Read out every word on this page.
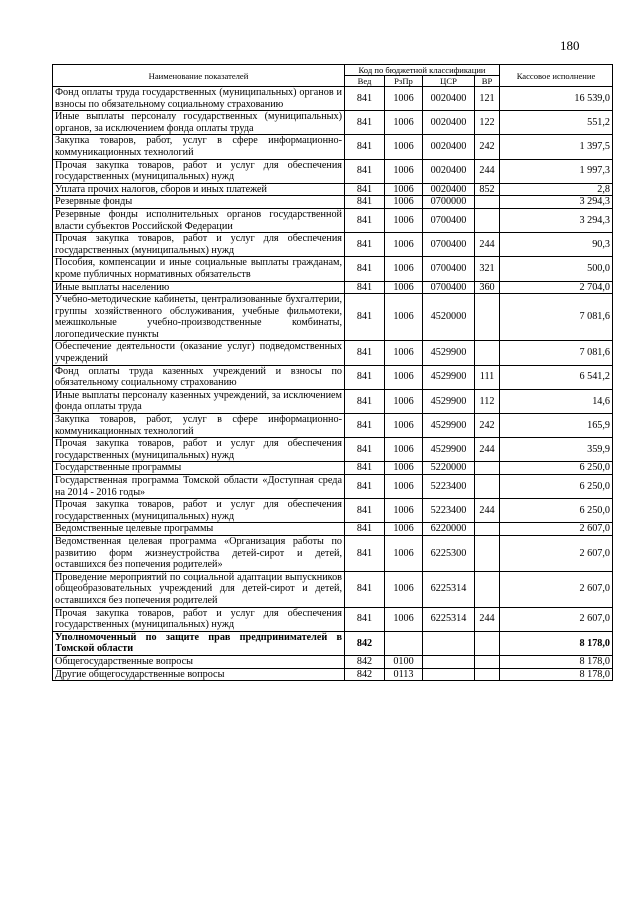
180
Наименование показателей	Код по бюджетной классификации				Кассовое исполнение
	Вед	РзПр	ЦСР	ВР	
Фонд оплаты труда государственных (муниципальных) органов и взносы по обязательному социальному страхованию	841	1006	0020400	121	16 539,0
Иные выплаты персоналу государственных (муниципальных) органов, за исключением фонда оплаты труда	841	1006	0020400	122	551,2
Закупка товаров, работ, услуг в сфере информационно-коммуникационных технологий	841	1006	0020400	242	1 397,5
Прочая закупка товаров, работ и услуг для обеспечения государственных (муниципальных) нужд	841	1006	0020400	244	1 997,3
Уплата прочих налогов, сборов и иных платежей	841	1006	0020400	852	2,8
Резервные фонды	841	1006	0700000		3 294,3
Резервные фонды исполнительных органов государственной власти субъектов Российской Федерации	841	1006	0700400		3 294,3
Прочая закупка товаров, работ и услуг для обеспечения государственных (муниципальных) нужд	841	1006	0700400	244	90,3
Пособия, компенсации и иные социальные выплаты гражданам, кроме публичных нормативных обязательств	841	1006	0700400	321	500,0
Иные выплаты населению	841	1006	0700400	360	2 704,0
Учебно-методические кабинеты, централизованные бухгалтерии, группы хозяйственного обслуживания, учебные фильмотеки, межшкольные учебно-производственные комбинаты, логопедические пункты	841	1006	4520000		7 081,6
Обеспечение деятельности (оказание услуг) подведомственных учреждений	841	1006	4529900		7 081,6
Фонд оплаты труда казенных учреждений и взносы по обязательному социальному страхованию	841	1006	4529900	111	6 541,2
Иные выплаты персоналу казенных учреждений, за исключением фонда оплаты труда	841	1006	4529900	112	14,6
Закупка товаров, работ, услуг в сфере информационно-коммуникационных технологий	841	1006	4529900	242	165,9
Прочая закупка товаров, работ и услуг для обеспечения государственных (муниципальных) нужд	841	1006	4529900	244	359,9
Государственные программы	841	1006	5220000		6 250,0
Государственная программа Томской области «Доступная среда на 2014 - 2016 годы»	841	1006	5223400		6 250,0
Прочая закупка товаров, работ и услуг для обеспечения государственных (муниципальных) нужд	841	1006	5223400	244	6 250,0
Ведомственные целевые программы	841	1006	6220000		2 607,0
Ведомственная целевая программа «Организация работы по развитию форм жизнеустройства детей-сирот и детей, оставшихся без попечения родителей»	841	1006	6225300		2 607,0
Проведение мероприятий по социальной адаптации выпускников общеобразовательных учреждений для детей-сирот и детей, оставшихся без попечения родителей	841	1006	6225314		2 607,0
Прочая закупка товаров, работ и услуг для обеспечения государственных (муниципальных) нужд	841	1006	6225314	244	2 607,0
Уполномоченный по защите прав предпринимателей в Томской области	842				8 178,0
Общегосударственные вопросы	842	0100			8 178,0
Другие общегосударственные вопросы	842	0113			8 178,0
